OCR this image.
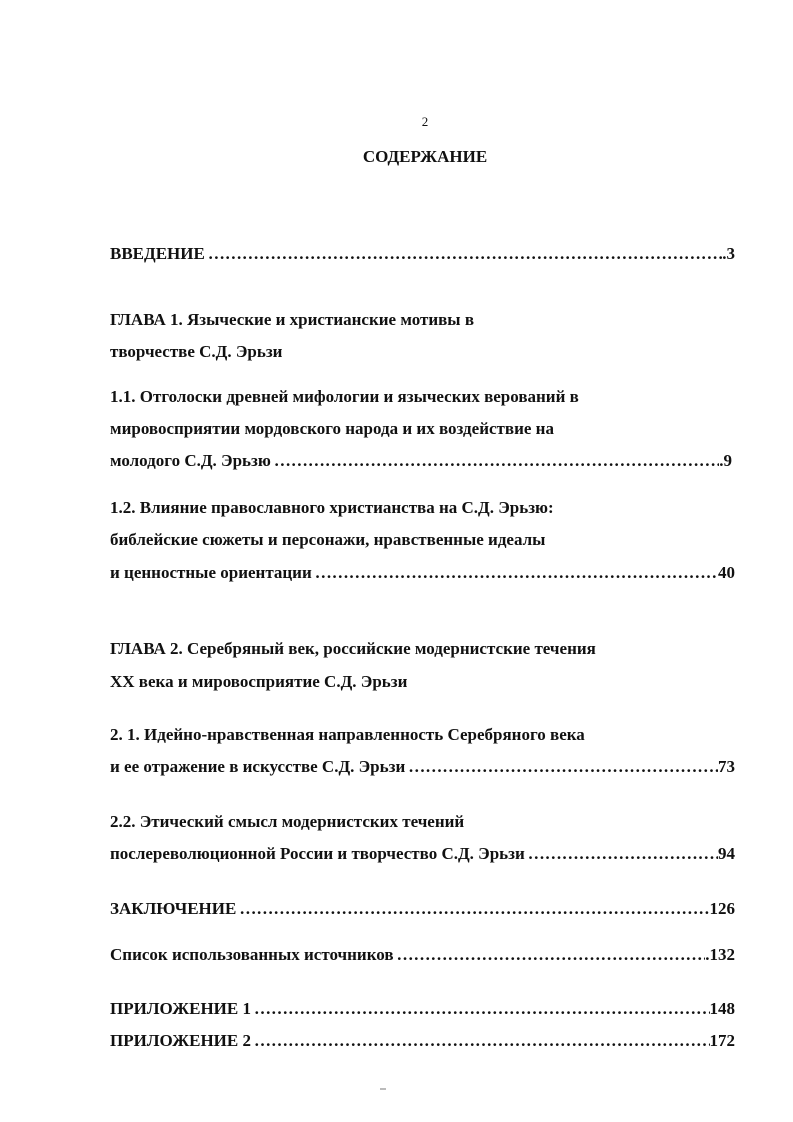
2
СОДЕРЖАНИЕ
ВВЕДЕНИЕ ………………………………………………………………………………………………………………………………………………………………………………	.3
ГЛАВА 1. Языческие и христианские мотивы в
творчестве С.Д. Эрьзи
1.1. Отголоски древней мифологии и языческих верований в
мировосприятии мордовского народа и их воздействие на
молодого С.Д. Эрьзю ………………………………………………………………………………………………………………………………………………………………………………	.9
1.2. Влияние православного христианства на С.Д. Эрьзю:
библейские сюжеты и персонажи, нравственные идеалы
и ценностные ориентации ………………………………………………………………………………………………………………………………………………………………………………	40
ГЛАВА 2. Серебряный век, российские модернистские течения
XX века и мировосприятие С.Д. Эрьзи
2. 1. Идейно-нравственная направленность Серебряного века
и ее отражение в искусстве С.Д. Эрьзи ………………………………………………………………………………………………………………………………………………………………………………	73
2.2. Этический смысл модернистских течений
послереволюционной России и творчество С.Д. Эрьзи ………………………………………………………………………………………………………………………………………………………………………………	94
ЗАКЛЮЧЕНИЕ ………………………………………………………………………………………………………………………………………………………………………………	126
Список использованных источников ………………………………………………………………………………………………………………………………………………………………………………	.132
ПРИЛОЖЕНИЕ 1 ………………………………………………………………………………………………………………………………………………………………………………	148
ПРИЛОЖЕНИЕ 2 ………………………………………………………………………………………………………………………………………………………………………………	172
